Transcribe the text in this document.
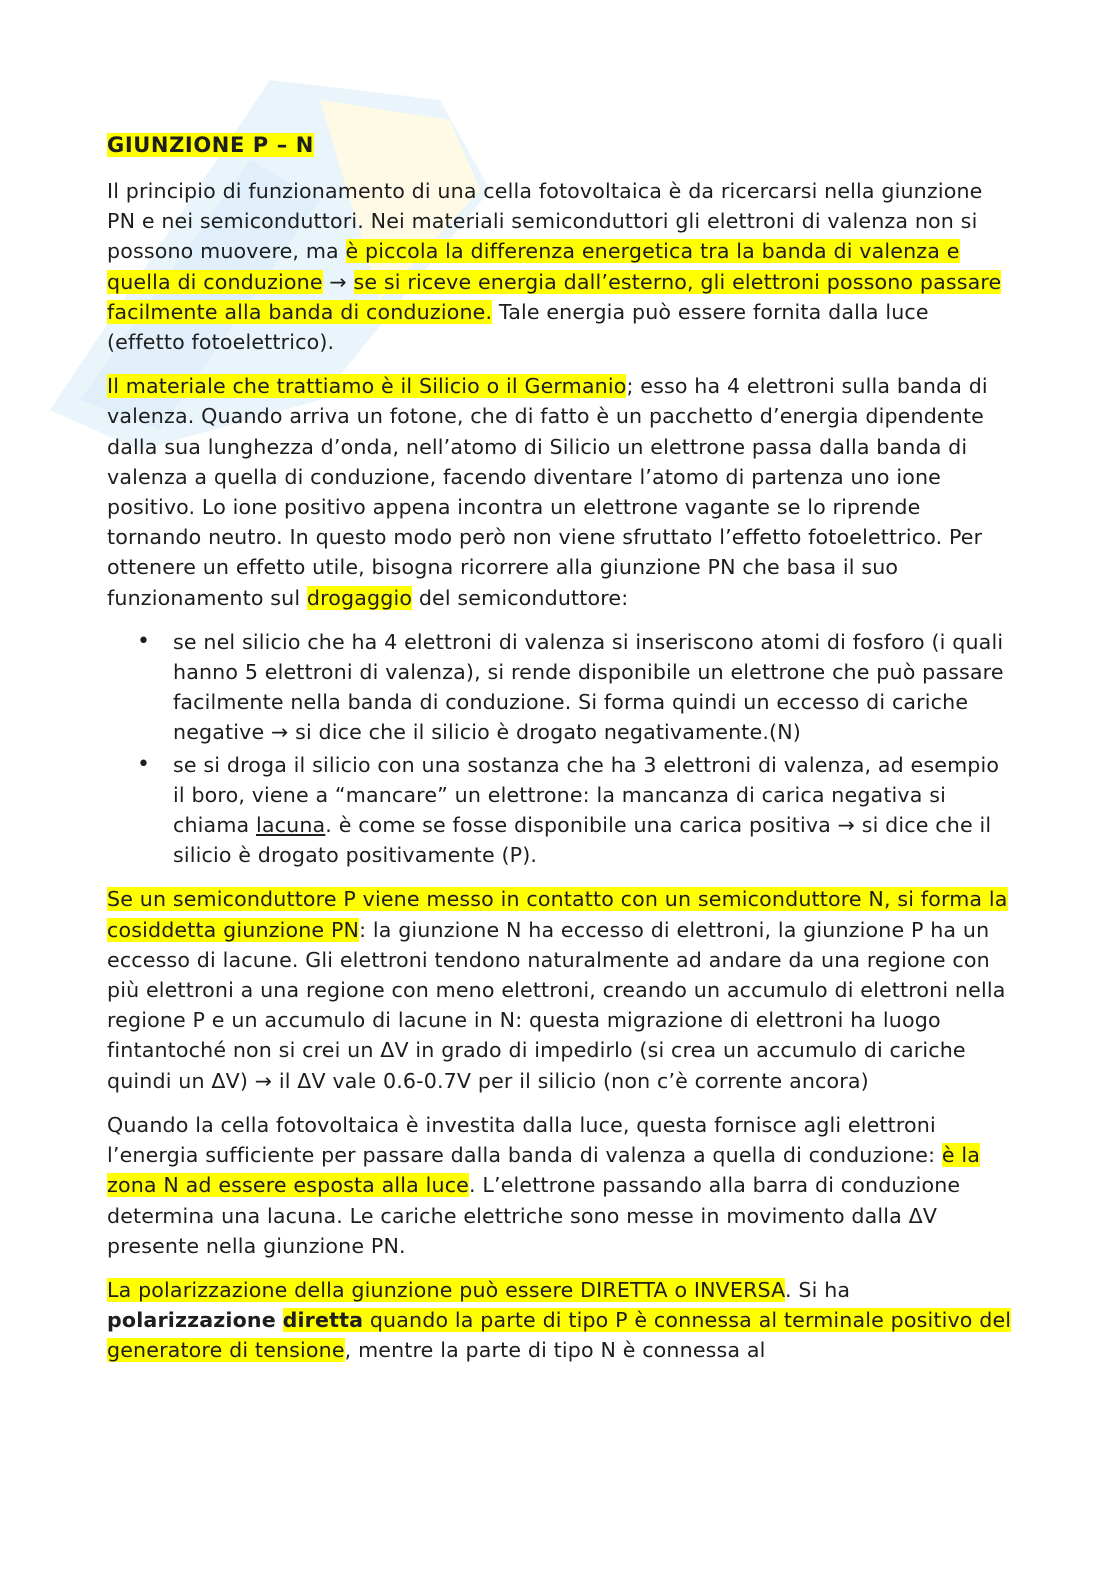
GIUNZIONE P – N

Il principio di funzionamento di una cella fotovoltaica è da ricercarsi nella giunzione PN e nei semiconduttori. Nei materiali semiconduttori gli elettroni di valenza non si possono muovere, ma è piccola la differenza energetica tra la banda di valenza e quella di conduzione → se si riceve energia dall’esterno, gli elettroni possono passare facilmente alla banda di conduzione. Tale energia può essere fornita dalla luce (effetto fotoelettrico).

Il materiale che trattiamo è il Silicio o il Germanio; esso ha 4 elettroni sulla banda di valenza. Quando arriva un fotone, che di fatto è un pacchetto d’energia dipendente dalla sua lunghezza d’onda, nell’atomo di Silicio un elettrone passa dalla banda di valenza a quella di conduzione, facendo diventare l’atomo di partenza uno ione positivo. Lo ione positivo appena incontra un elettrone vagante se lo riprende tornando neutro. In questo modo però non viene sfruttato l’effetto fotoelettrico. Per ottenere un effetto utile, bisogna ricorrere alla giunzione PN che basa il suo funzionamento sul drogaggio del semiconduttore:

• se nel silicio che ha 4 elettroni di valenza si inseriscono atomi di fosforo (i quali hanno 5 elettroni di valenza), si rende disponibile un elettrone che può passare facilmente nella banda di conduzione. Si forma quindi un eccesso di cariche negative → si dice che il silicio è drogato negativamente.(N)
• se si droga il silicio con una sostanza che ha 3 elettroni di valenza, ad esempio il boro, viene a “mancare” un elettrone: la mancanza di carica negativa si chiama lacuna. è come se fosse disponibile una carica positiva → si dice che il silicio è drogato positivamente (P).

Se un semiconduttore P viene messo in contatto con un semiconduttore N, si forma la cosiddetta giunzione PN: la giunzione N ha eccesso di elettroni, la giunzione P ha un eccesso di lacune. Gli elettroni tendono naturalmente ad andare da una regione con più elettroni a una regione con meno elettroni, creando un accumulo di elettroni nella regione P e un accumulo di lacune in N: questa migrazione di elettroni ha luogo fintantoché non si crei un ΔV in grado di impedirlo (si crea un accumulo di cariche quindi un ΔV) → il ΔV vale 0.6-0.7V per il silicio (non c’è corrente ancora)

Quando la cella fotovoltaica è investita dalla luce, questa fornisce agli elettroni l’energia sufficiente per passare dalla banda di valenza a quella di conduzione: è la zona N ad essere esposta alla luce. L’elettrone passando alla barra di conduzione determina una lacuna. Le cariche elettriche sono messe in movimento dalla ΔV presente nella giunzione PN.

La polarizzazione della giunzione può essere DIRETTA o INVERSA. Si ha polarizzazione diretta quando la parte di tipo P è connessa al terminale positivo del generatore di tensione, mentre la parte di tipo N è connessa al
